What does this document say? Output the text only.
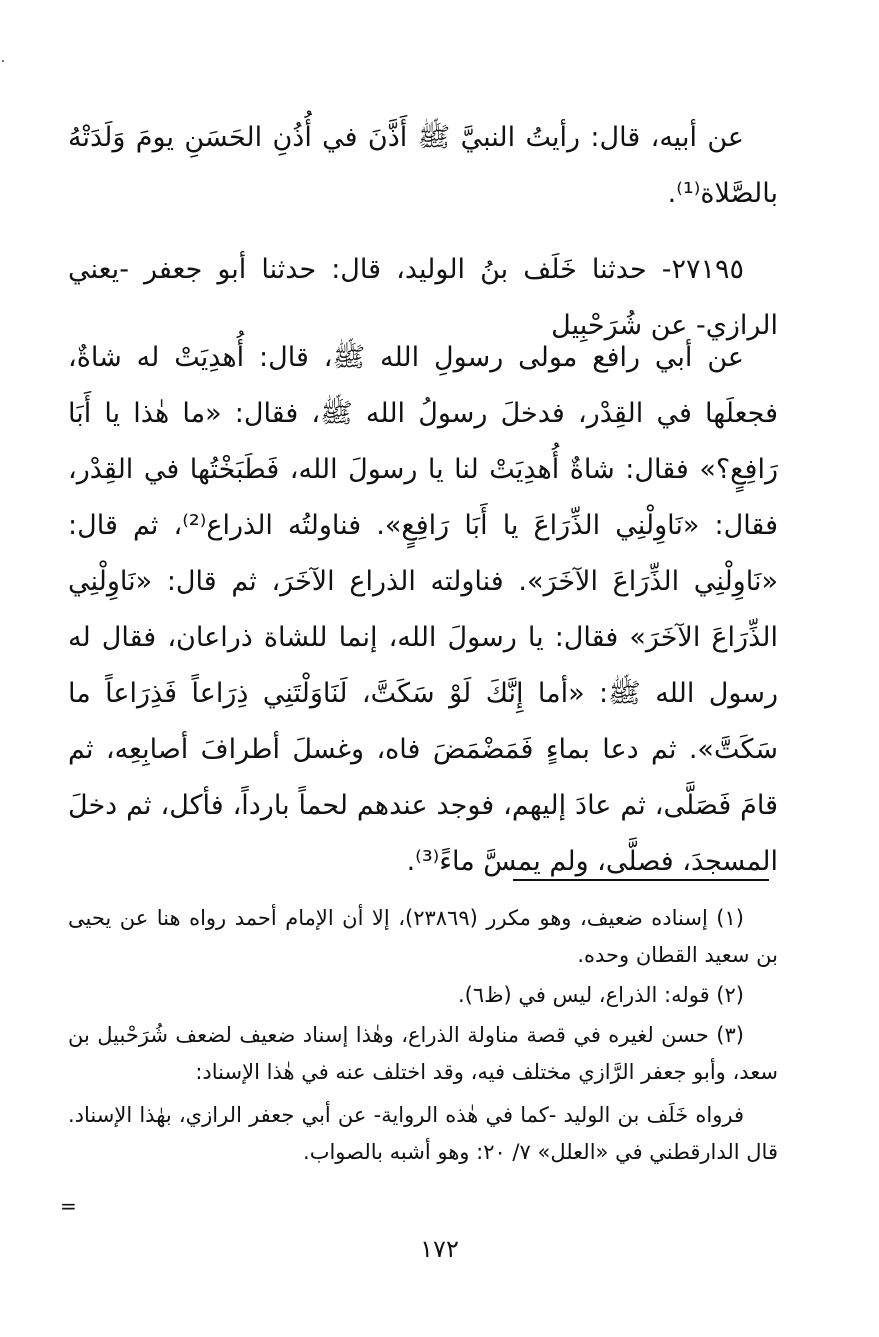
عن أبيه، قال: رأيتُ النبيَّ ﷺ أَذَّنَ في أُذُنِ الحَسَنِ يومَ وَلَدَتْهُ بالصَّلاة⁽¹⁾.

٢٧١٩٥- حدثنا خَلَف بنُ الوليد، قال: حدثنا أبو جعفر -يعني الرازي- عن شُرَحْبِيل

عن أبي رافع مولى رسولِ الله ﷺ، قال: أُهدِيَتْ له شاةٌ، فجعلَها في القِدْر، فدخلَ رسولُ الله ﷺ، فقال: «ما هٰذا يا أَبَا رَافِعٍ؟» فقال: شاةٌ أُهدِيَتْ لنا يا رسولَ الله، فَطَبَخْتُها في القِدْر، فقال: «نَاوِلْنِي الذِّرَاعَ يا أَبَا رَافِعٍ». فناولتُه الذراع⁽²⁾، ثم قال: «نَاوِلْنِي الذِّرَاعَ الآخَرَ». فناولته الذراع الآخَرَ، ثم قال: «نَاوِلْنِي الذِّرَاعَ الآخَرَ» فقال: يا رسولَ الله، إنما للشاة ذراعان، فقال له رسول الله ﷺ: «أما إِنَّكَ لَوْ سَكَتَّ، لَنَاوَلْتَنِي ذِرَاعاً فَذِرَاعاً ما سَكَتَّ». ثم دعا بماءٍ فَمَضْمَضَ فاه، وغسلَ أطرافَ أصابِعِه، ثم قامَ فَصَلَّى، ثم عادَ إليهم، فوجد عندهم لحماً بارداً، فأكل، ثم دخلَ المسجدَ، فصلَّى، ولم يمسَّ ماءً⁽³⁾.

(١) إسناده ضعيف، وهو مكرر (٢٣٨٦٩)، إلا أن الإمام أحمد رواه هنا عن يحيى بن سعيد القطان وحده.

(٢) قوله: الذراع، ليس في (ظ٦).

(٣) حسن لغيره في قصة مناولة الذراع، وهٰذا إسناد ضعيف لضعف شُرَحْبيل بن سعد، وأبو جعفر الرَّازي مختلف فيه، وقد اختلف عنه في هٰذا الإسناد:

فرواه خَلَف بن الوليد -كما في هٰذه الرواية- عن أبي جعفر الرازي، بهٰذا الإسناد. قال الدارقطني في «العلل» ٧/ ٢٠: وهو أشبه بالصواب.

=
١٧٢
